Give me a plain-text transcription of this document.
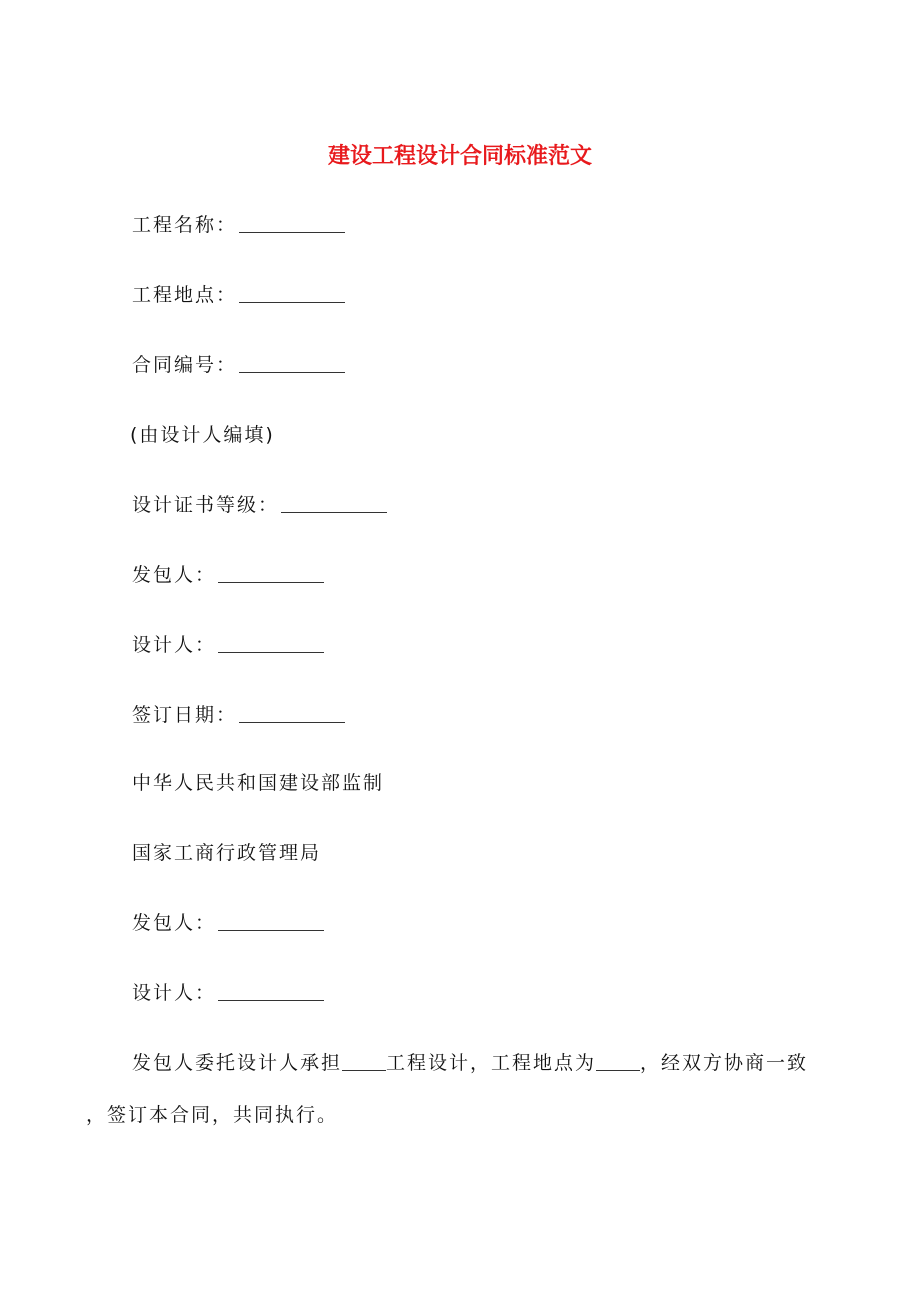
建设工程设计合同标准范文
工程名称：
工程地点：
合同编号：
(由设计人编填)
设计证书等级：
发包人：
设计人：
签订日期：
中华人民共和国建设部监制
国家工商行政管理局
发包人：
设计人：
发包人委托设计人承担 工程设计，工程地点为 ，经双方协商一致
，签订本合同，共同执行。
